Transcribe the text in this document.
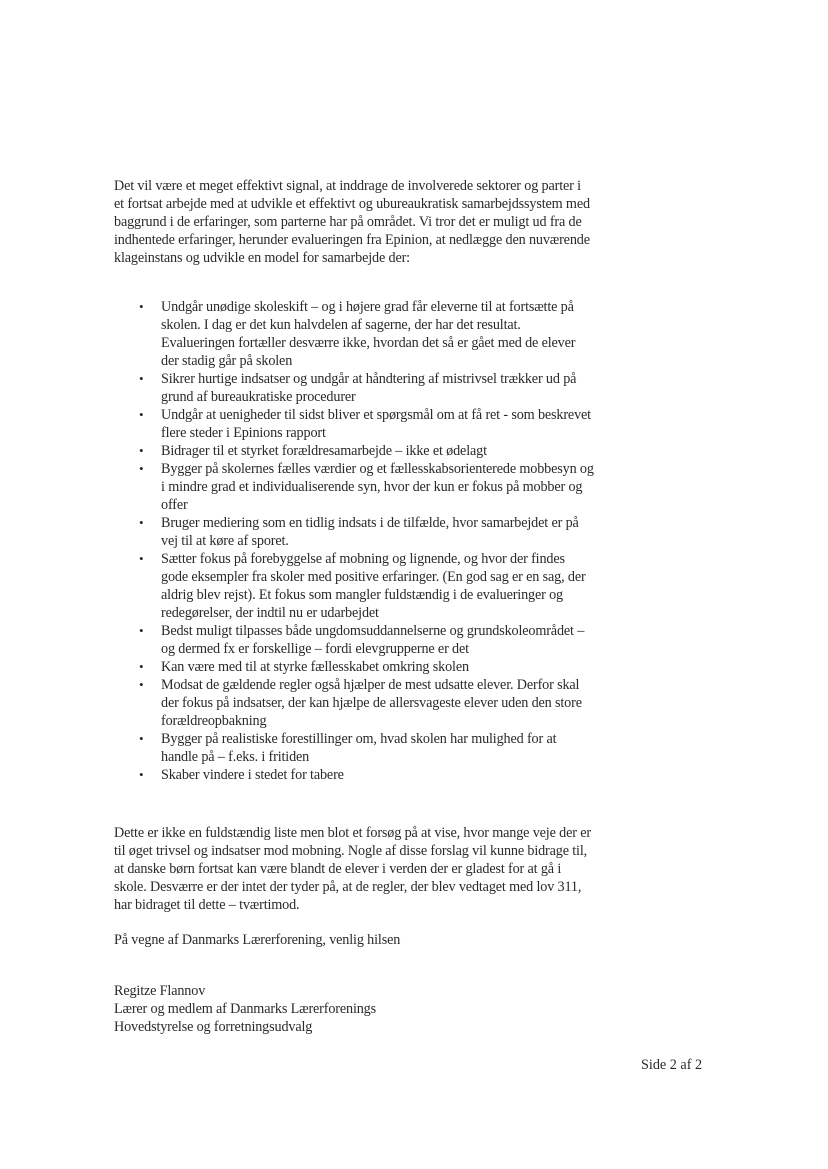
Det vil være et meget effektivt signal, at inddrage de involverede sektorer og parter i et fortsat arbejde med at udvikle et effektivt og ubureaukratisk samarbejdssystem med baggrund i de erfaringer, som parterne har på området. Vi tror det er muligt ud fra de indhentede erfaringer, herunder evalueringen fra Epinion, at nedlægge den nuværende klageinstans og udvikle en model for samarbejde der:

• Undgår unødige skoleskift – og i højere grad får eleverne til at fortsætte på skolen. I dag er det kun halvdelen af sagerne, der har det resultat. Evalueringen fortæller desværre ikke, hvordan det så er gået med de elever der stadig går på skolen
• Sikrer hurtige indsatser og undgår at håndtering af mistrivsel trækker ud på grund af bureaukratiske procedurer
• Undgår at uenigheder til sidst bliver et spørgsmål om at få ret - som beskrevet flere steder i Epinions rapport
• Bidrager til et styrket forældresamarbejde – ikke et ødelagt
• Bygger på skolernes fælles værdier og et fællesskabsorienterede mobbesyn og i mindre grad et individualiserende syn, hvor der kun er fokus på mobber og offer
• Bruger mediering som en tidlig indsats i de tilfælde, hvor samarbejdet er på vej til at køre af sporet.
• Sætter fokus på forebyggelse af mobning og lignende, og hvor der findes gode eksempler fra skoler med positive erfaringer. (En god sag er en sag, der aldrig blev rejst). Et fokus som mangler fuldstændig i de evalueringer og redegørelser, der indtil nu er udarbejdet
• Bedst muligt tilpasses både ungdomsuddannelserne og grundskoleområdet – og dermed fx er forskellige – fordi elevgrupperne er det
• Kan være med til at styrke fællesskabet omkring skolen
• Modsat de gældende regler også hjælper de mest udsatte elever. Derfor skal der fokus på indsatser, der kan hjælpe de allersvageste elever uden den store forældreopbakning
• Bygger på realistiske forestillinger om, hvad skolen har mulighed for at handle på – f.eks. i fritiden
• Skaber vindere i stedet for tabere

Dette er ikke en fuldstændig liste men blot et forsøg på at vise, hvor mange veje der er til øget trivsel og indsatser mod mobning. Nogle af disse forslag vil kunne bidrage til, at danske børn fortsat kan være blandt de elever i verden der er gladest for at gå i skole. Desværre er der intet der tyder på, at de regler, der blev vedtaget med lov 311, har bidraget til dette – tværtimod.

På vegne af Danmarks Lærerforening, venlig hilsen

Regitze Flannov
Lærer og medlem af Danmarks Lærerforenings
Hovedstyrelse og forretningsudvalg
Side 2 af 2
